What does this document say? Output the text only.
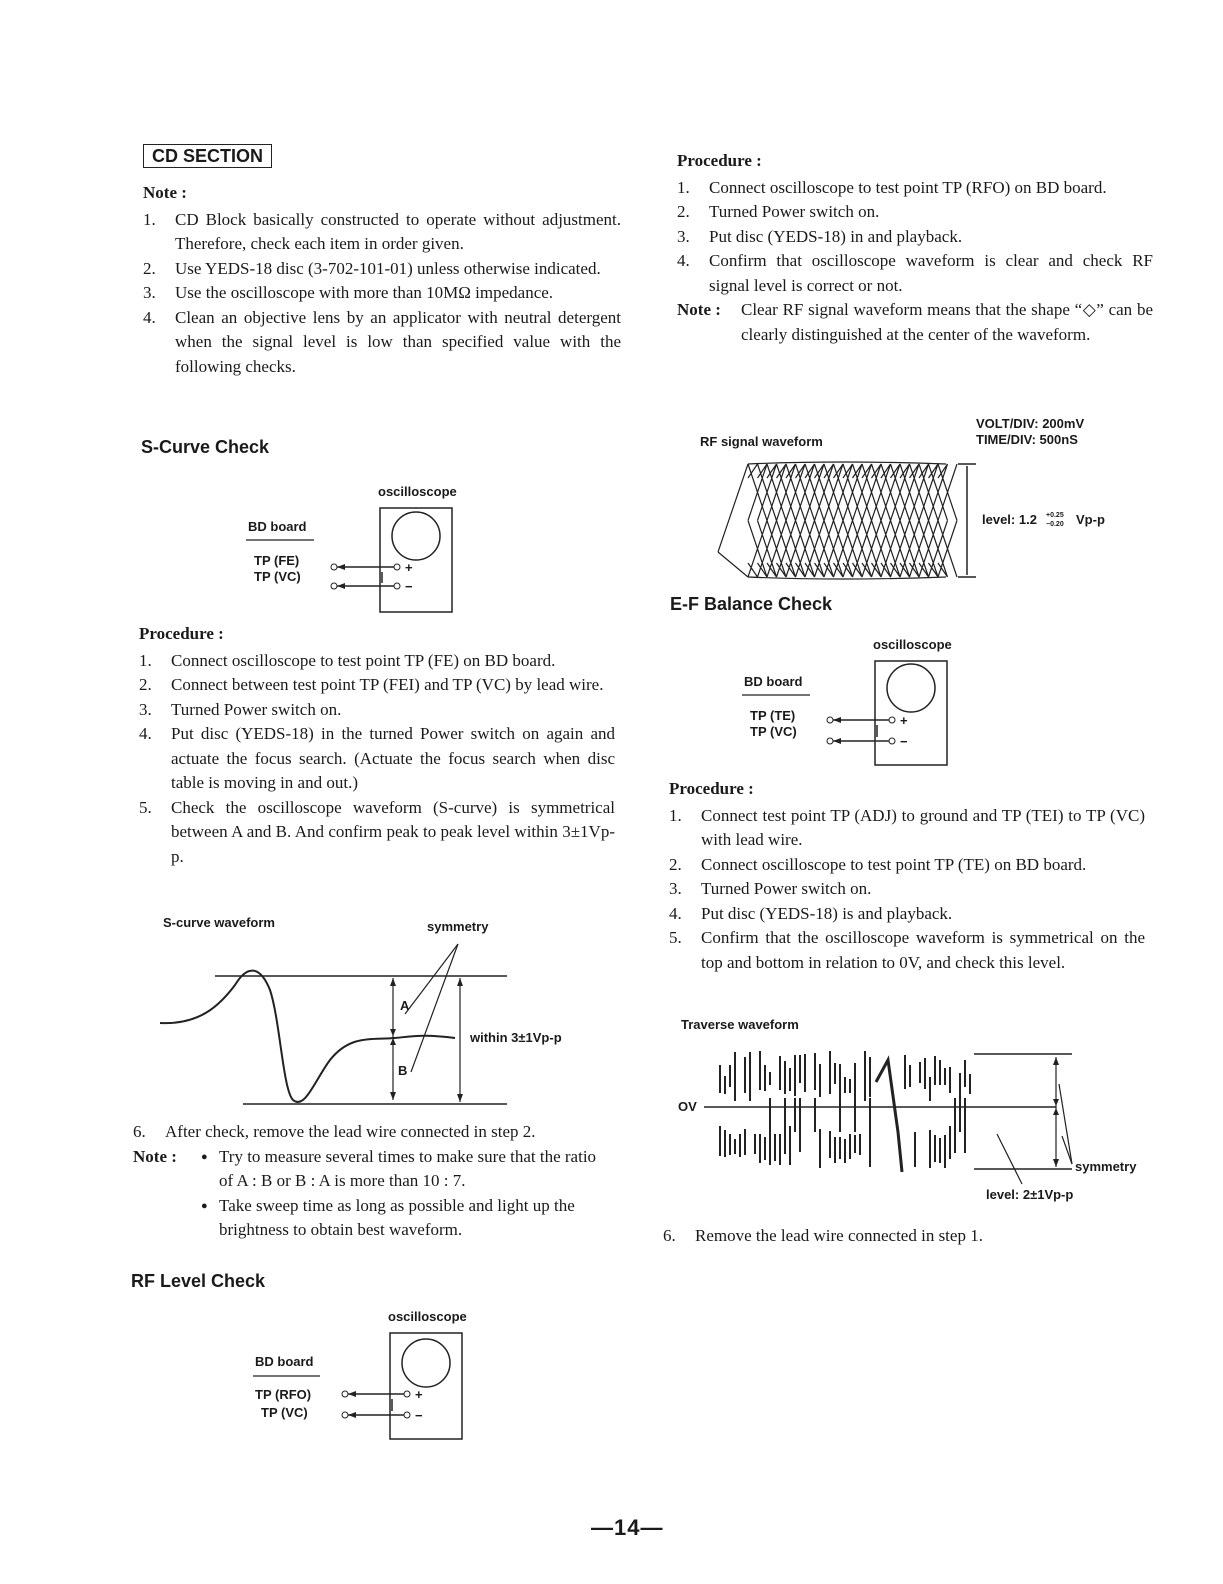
CD SECTION
Note :
1. CD Block basically constructed to operate without adjustment. Therefore, check each item in order given.
2. Use YEDS-18 disc (3-702-101-01) unless otherwise indicated.
3. Use the oscilloscope with more than 10MΩ impedance.
4. Clean an objective lens by an applicator with neutral detergent when the signal level is low than specified value with the following checks.
S-Curve Check
oscilloscope
BD board
TP (FE)
TP (VC)
+
−
Procedure :
1. Connect oscilloscope to test point TP (FE) on BD board.
2. Connect between test point TP (FEI) and TP (VC) by lead wire.
3. Turned Power switch on.
4. Put disc (YEDS-18) in the turned Power switch on again and actuate the focus search. (Actuate the focus search when disc table is moving in and out.)
5. Check the oscilloscope waveform (S-curve) is symmetrical between A and B. And confirm peak to peak level within 3±1Vp-p.
S-curve waveform	symmetry
A
B
within 3±1Vp-p
6. After check, remove the lead wire connected in step 2.
Note :
●	Try to measure several times to make sure that the ratio of A : B or B : A is more than 10 : 7.
● Take sweep time as long as possible and light up the brightness to obtain best waveform.
RF Level Check
oscilloscope
BD board
TP (RFO)
TP (VC)
+
−
Procedure :
1. Connect oscilloscope to test point TP (RFO) on BD board.
2. Turned Power switch on.
3. Put disc (YEDS-18) in and playback.
4. Confirm that oscilloscope waveform is clear and check RF signal level is correct or not.
Note :	Clear RF signal waveform means that the shape “◇” can be clearly distinguished at the center of the waveform.
RF signal waveform
VOLT/DIV: 200mV
TIME/DIV: 500nS
level: 1.2 +0.25
−0.20 Vp-p
E-F Balance Check
oscilloscope
BD board
TP (TE)
TP (VC)
+
−
Procedure :
1. Connect test point TP (ADJ) to ground and TP (TEI) to TP (VC) with lead wire.
2. Connect oscilloscope to test point TP (TE) on BD board.
3. Turned Power switch on.
4. Put disc (YEDS-18) is and playback.
5. Confirm that the oscilloscope waveform is symmetrical on the top and bottom in relation to 0V, and check this level.
Traverse waveform
OV
symmetry
level: 2±1Vp-p
6. Remove the lead wire connected in step 1.
—14—
